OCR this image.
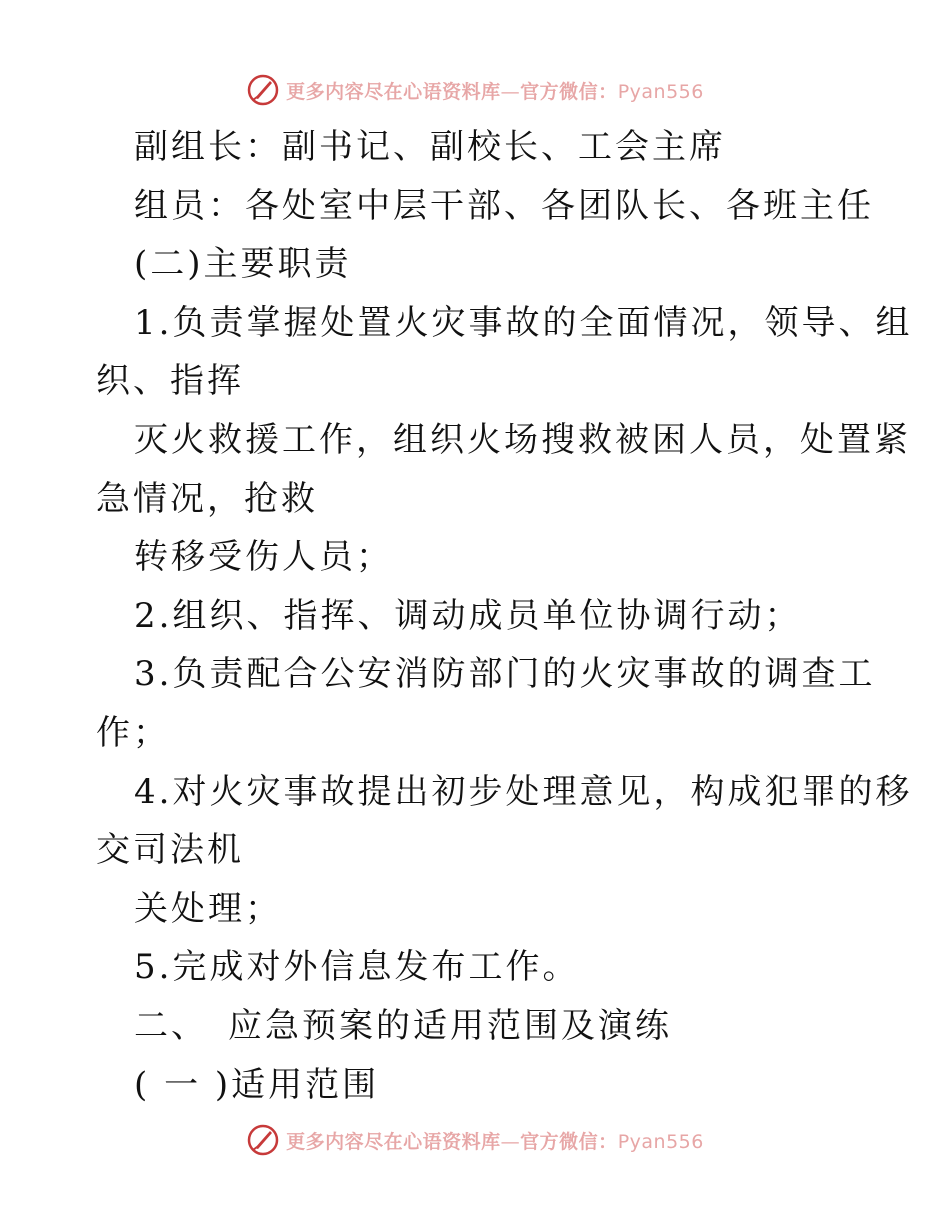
更多内容尽在心语资料库—官方微信：Pyan556
副组长：副书记、副校长、工会主席
组员：各处室中层干部、各团队长、各班主任
(二)主要职责
1.负责掌握处置火灾事故的全面情况，领导、组
织、指挥
灭火救援工作，组织火场搜救被困人员，处置紧
急情况，抢救
转移受伤人员；
2.组织、指挥、调动成员单位协调行动；
3.负责配合公安消防部门的火灾事故的调查工
作；
4.对火灾事故提出初步处理意见，构成犯罪的移
交司法机
关处理；
5.完成对外信息发布工作。
二、　应急预案的适用范围及演练
( 一 )适用范围
更多内容尽在心语资料库—官方微信：Pyan556
